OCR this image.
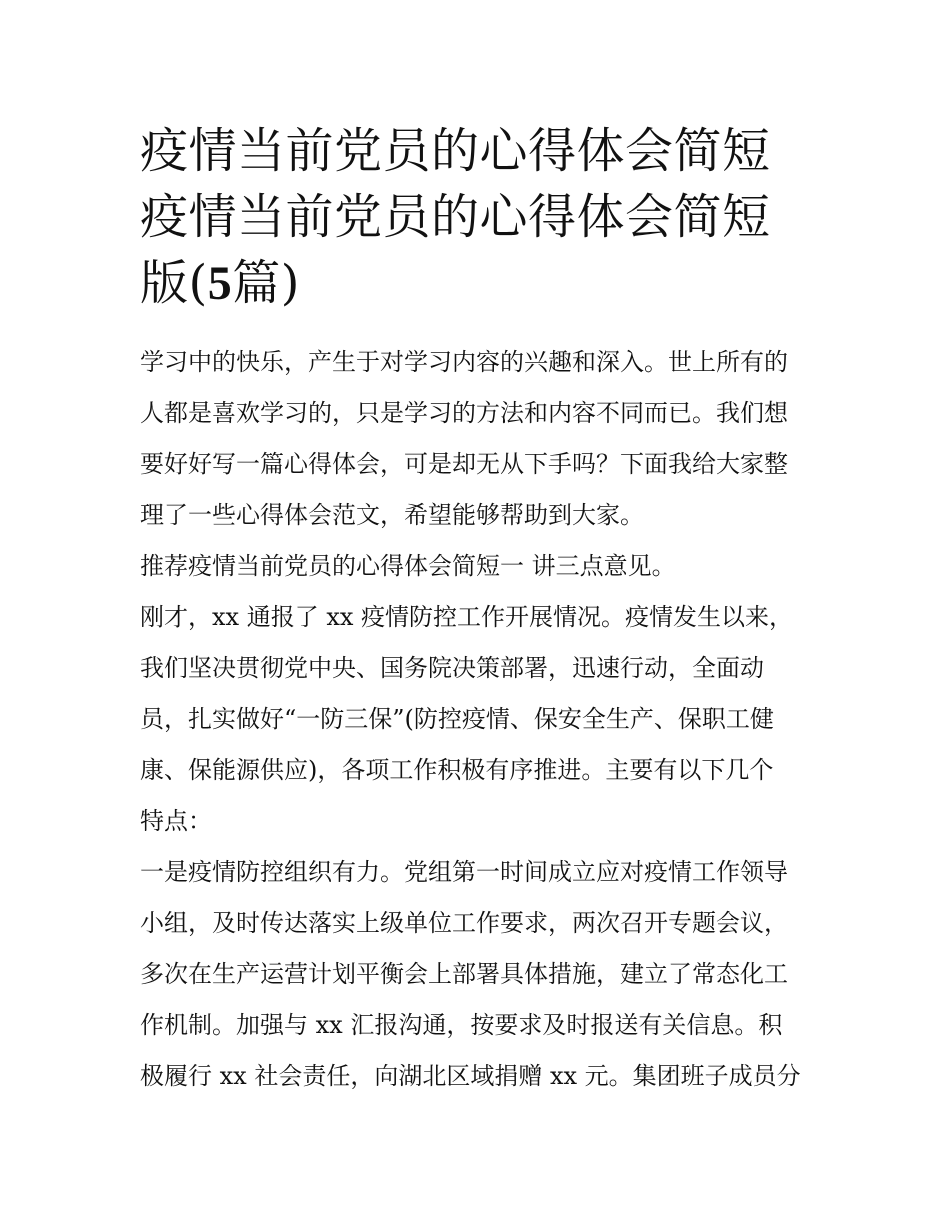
疫情当前党员的心得体会简短
疫情当前党员的心得体会简短
版(5篇)

学习中的快乐，产生于对学习内容的兴趣和深入。世上所有的
人都是喜欢学习的，只是学习的方法和内容不同而已。我们想
要好好写一篇心得体会，可是却无从下手吗？下面我给大家整
理了一些心得体会范文，希望能够帮助到大家。

推荐疫情当前党员的心得体会简短一 讲三点意见。

刚才，xx 通报了 xx 疫情防控工作开展情况。疫情发生以来，
我们坚决贯彻党中央、国务院决策部署，迅速行动，全面动
员，扎实做好“一防三保”(防控疫情、保安全生产、保职工健
康、保能源供应)，各项工作积极有序推进。主要有以下几个
特点：

一是疫情防控组织有力。党组第一时间成立应对疫情工作领导
小组，及时传达落实上级单位工作要求，两次召开专题会议，
多次在生产运营计划平衡会上部署具体措施，建立了常态化工
作机制。加强与 xx 汇报沟通，按要求及时报送有关信息。积
极履行 xx 社会责任，向湖北区域捐赠 xx 元。集团班子成员分
